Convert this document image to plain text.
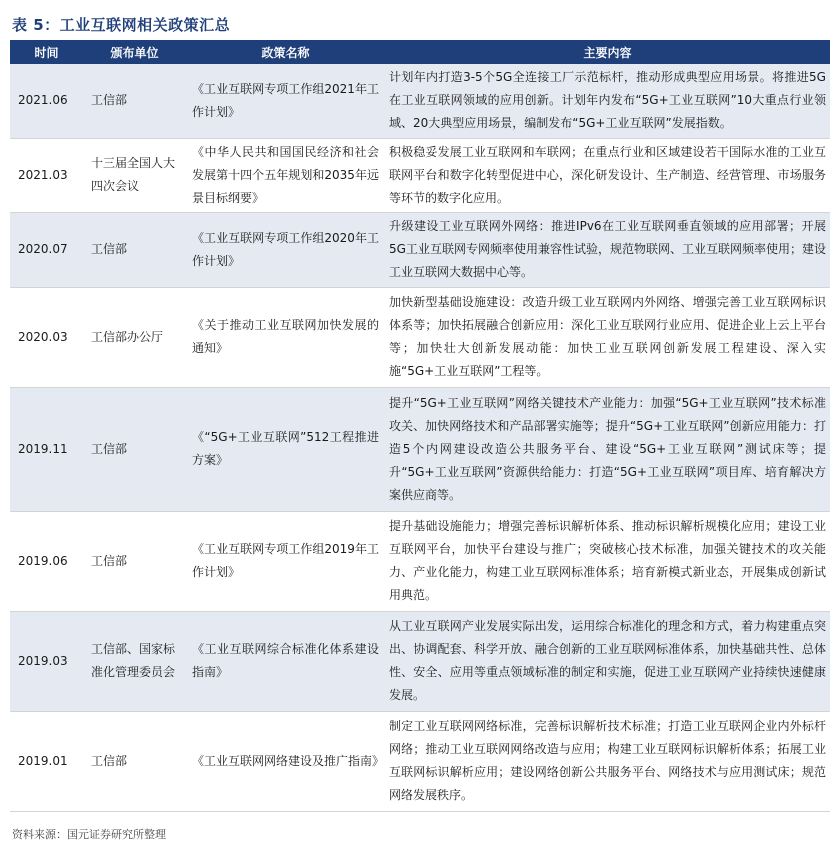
表 5：工业互联网相关政策汇总
时间	颁布单位	政策名称	主要内容
2021.06	工信部	《工业互联网专项工作组2021年工作计划》	计划年内打造3-5个5G全连接工厂示范标杆，推动形成典型应用场景。将推进5G在工业互联网领域的应用创新。计划年内发布“5G+工业互联网”10大重点行业领域、20大典型应用场景，编制发布“5G+工业互联网”发展指数。
2021.03	十三届全国人大四次会议	《中华人民共和国国民经济和社会发展第十四个五年规划和2035年远景目标纲要》	积极稳妥发展工业互联网和车联网；在重点行业和区域建设若干国际水准的工业互联网平台和数字化转型促进中心，深化研发设计、生产制造、经营管理、市场服务等环节的数字化应用。
2020.07	工信部	《工业互联网专项工作组2020年工作计划》	升级建设工业互联网外网络：推进IPv6在工业互联网垂直领域的应用部署；开展5G工业互联网专网频率使用兼容性试验，规范物联网、工业互联网频率使用；建设工业互联网大数据中心等。
2020.03	工信部办公厅	《关于推动工业互联网加快发展的通知》	加快新型基础设施建设：改造升级工业互联网内外网络、增强完善工业互联网标识体系等；加快拓展融合创新应用：深化工业互联网行业应用、促进企业上云上平台等；加快壮大创新发展动能：加快工业互联网创新发展工程建设、深入实施“5G+工业互联网”工程等。
2019.11	工信部	《“5G+工业互联网”512工程推进方案》	提升“5G+工业互联网”网络关键技术产业能力：加强“5G+工业互联网”技术标准攻关、加快网络技术和产品部署实施等；提升“5G+工业互联网”创新应用能力：打造5个内网建设改造公共服务平台、建设“5G+工业互联网”测试床等；提升“5G+工业互联网”资源供给能力：打造“5G+工业互联网”项目库、培育解决方案供应商等。
2019.06	工信部	《工业互联网专项工作组2019年工作计划》	提升基础设施能力；增强完善标识解析体系、推动标识解析规模化应用；建设工业互联网平台，加快平台建设与推广；突破核心技术标准，加强关键技术的攻关能力、产业化能力，构建工业互联网标准体系；培育新模式新业态，开展集成创新试用典范。
2019.03	工信部、国家标准化管理委员会	《工业互联网综合标准化体系建设指南》	从工业互联网产业发展实际出发，运用综合标准化的理念和方式，着力构建重点突出、协调配套、科学开放、融合创新的工业互联网标准体系，加快基础共性、总体性、安全、应用等重点领域标准的制定和实施，促进工业互联网产业持续快速健康发展。
2019.01	工信部	《工业互联网网络建设及推广指南》	制定工业互联网网络标准，完善标识解析技术标准；打造工业互联网企业内外标杆网络；推动工业互联网网络改造与应用；构建工业互联网标识解析体系；拓展工业互联网标识解析应用；建设网络创新公共服务平台、网络技术与应用测试床；规范网络发展秩序。
资料来源：国元证券研究所整理
